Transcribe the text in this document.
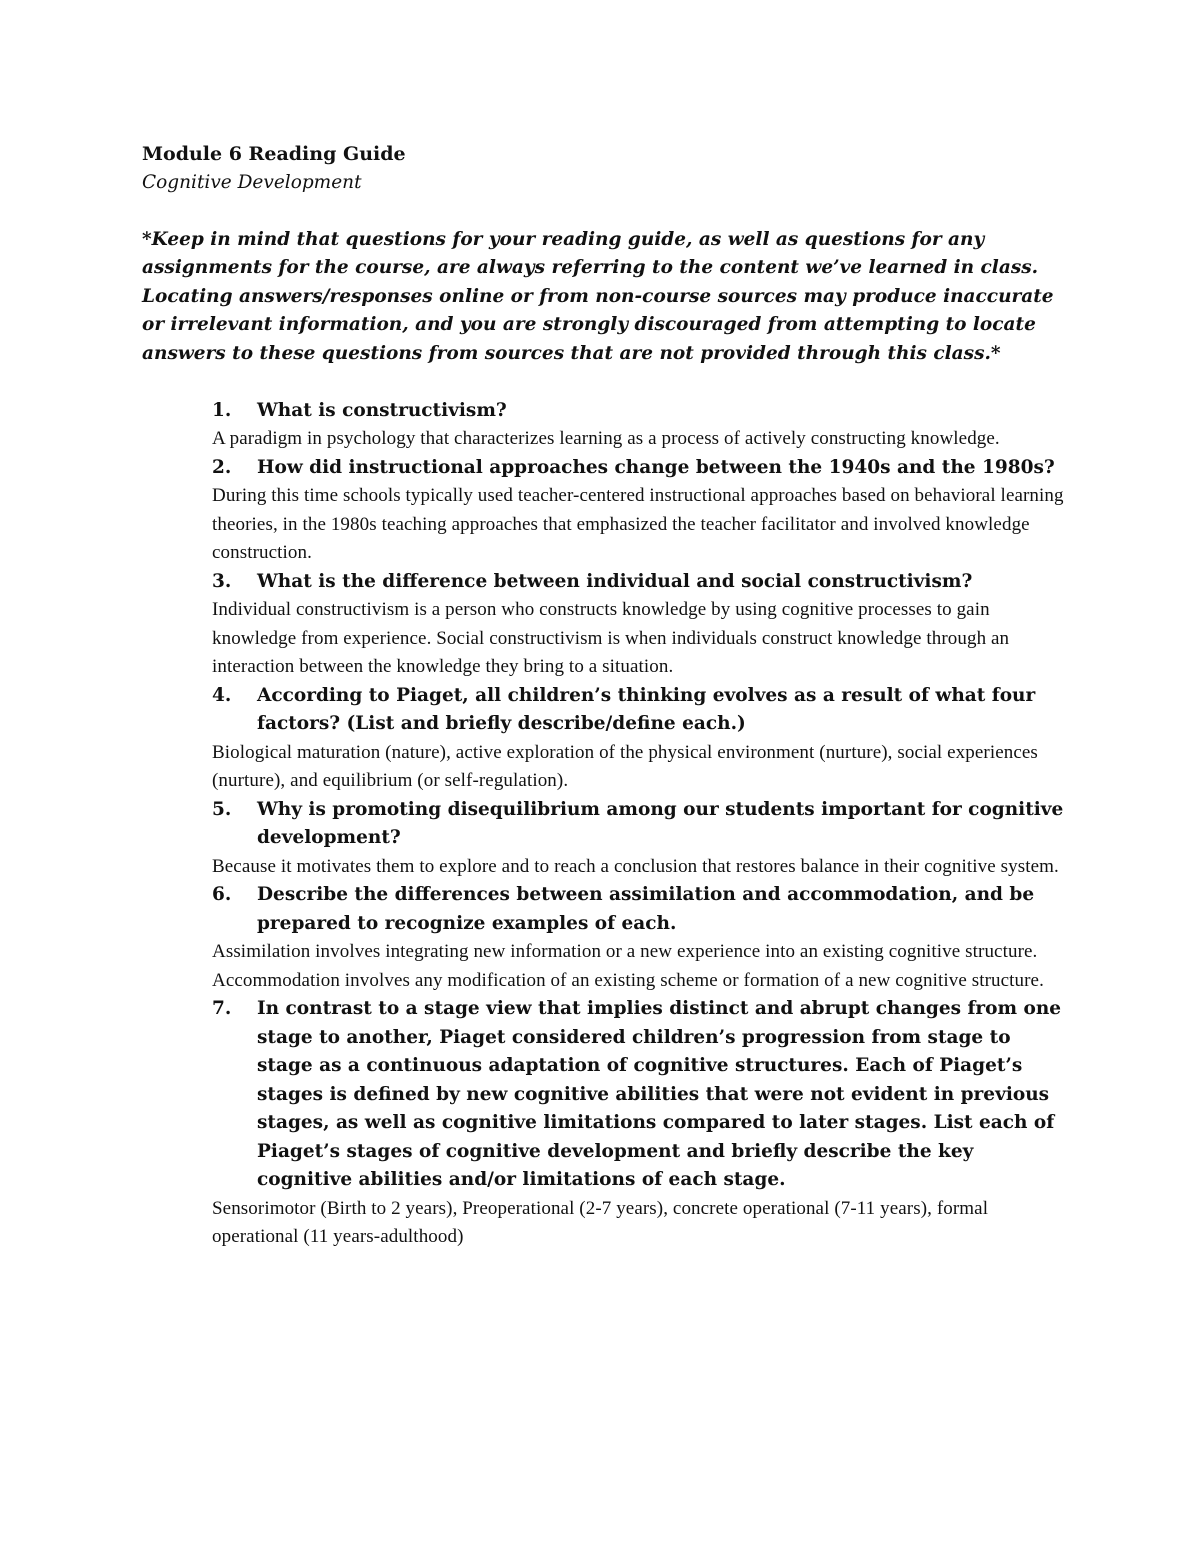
Module 6 Reading Guide

Cognitive Development

*Keep in mind that questions for your reading guide, as well as questions for any assignments for the course, are always referring to the content we’ve learned in class. Locating answers/responses online or from non-course sources may produce inaccurate or irrelevant information, and you are strongly discouraged from attempting to locate answers to these questions from sources that are not provided through this class.*

1.	What is constructivism?

A paradigm in psychology that characterizes learning as a process of actively constructing knowledge.

2.	How did instructional approaches change between the 1940s and the 1980s?

During this time schools typically used teacher-centered instructional approaches based on behavioral learning theories, in the 1980s teaching approaches that emphasized the teacher facilitator and involved knowledge construction.

3.	What is the difference between individual and social constructivism?

Individual constructivism is a person who constructs knowledge by using cognitive processes to gain knowledge from experience. Social constructivism is when individuals construct knowledge through an interaction between the knowledge they bring to a situation.

4.	According to Piaget, all children’s thinking evolves as a result of what four factors? (List and briefly describe/define each.)

Biological maturation (nature), active exploration of the physical environment (nurture), social experiences (nurture), and equilibrium (or self-regulation).

5.	Why is promoting disequilibrium among our students important for cognitive development?

Because it motivates them to explore and to reach a conclusion that restores balance in their cognitive system.

6.	Describe the differences between assimilation and accommodation, and be prepared to recognize examples of each.

Assimilation involves integrating new information or a new experience into an existing cognitive structure. Accommodation involves any modification of an existing scheme or formation of a new cognitive structure.

7.	In contrast to a stage view that implies distinct and abrupt changes from one stage to another, Piaget considered children’s progression from stage to stage as a continuous adaptation of cognitive structures. Each of Piaget’s stages is defined by new cognitive abilities that were not evident in previous stages, as well as cognitive limitations compared to later stages. List each of Piaget’s stages of cognitive development and briefly describe the key cognitive abilities and/or limitations of each stage.

Sensorimotor (Birth to 2 years), Preoperational (2-7 years), concrete operational (7-11 years), formal operational (11 years-adulthood)
